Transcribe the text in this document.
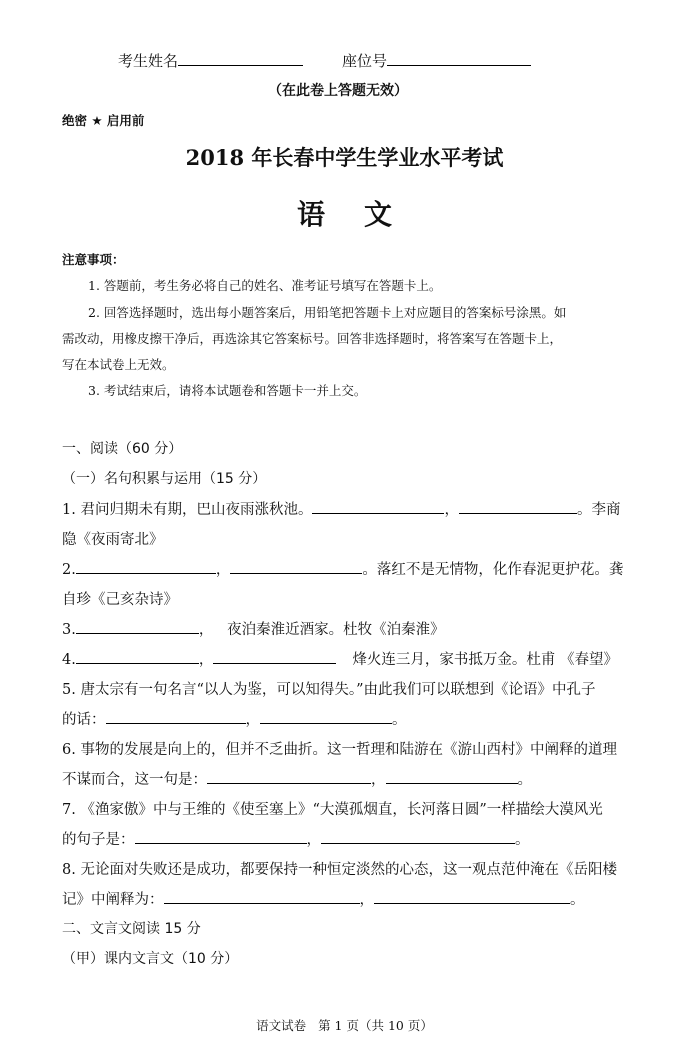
考生姓名	座位号
（在此卷上答题无效）
绝密 ★ 启用前
2018 年长春中学生学业水平考试
语    文
注意事项：
1. 答题前，考生务必将自己的姓名、准考证号填写在答题卡上。
2. 回答选择题时，选出每小题答案后，用铅笔把答题卡上对应题目的答案标号涂黑。如
需改动，用橡皮擦干净后，再选涂其它答案标号。回答非选择题时，将答案写在答题卡上，
写在本试卷上无效。
3. 考试结束后，请将本试题卷和答题卡一并上交。
一、阅读（60 分）
（一）名句积累与运用（15 分）
1. 君问归期未有期，巴山夜雨涨秋池。	，	。李商
隐《夜雨寄北》
2.	，	。落红不是无情物，化作春泥更护花。龚
自珍《己亥杂诗》
3.	，   夜泊秦淮近酒家。杜牧《泊秦淮》
4.	，	烽火连三月，家书抵万金。杜甫 《春望》
5. 唐太宗有一句名言“以人为鉴，可以知得失。”由此我们可以联想到《论语》中孔子
的话：	，	。
6. 事物的发展是向上的，但并不乏曲折。这一哲理和陆游在《游山西村》中阐释的道理
不谋而合，这一句是：	，	。
7. 《渔家傲》中与王维的《使至塞上》“大漠孤烟直，长河落日圆”一样描绘大漠风光
的句子是：	，	。
8. 无论面对失败还是成功，都要保持一种恒定淡然的心态，这一观点范仲淹在《岳阳楼
记》中阐释为：	，	。
二、文言文阅读 15 分
（甲）课内文言文（10 分）
语文试卷   第 1 页（共 10 页）
